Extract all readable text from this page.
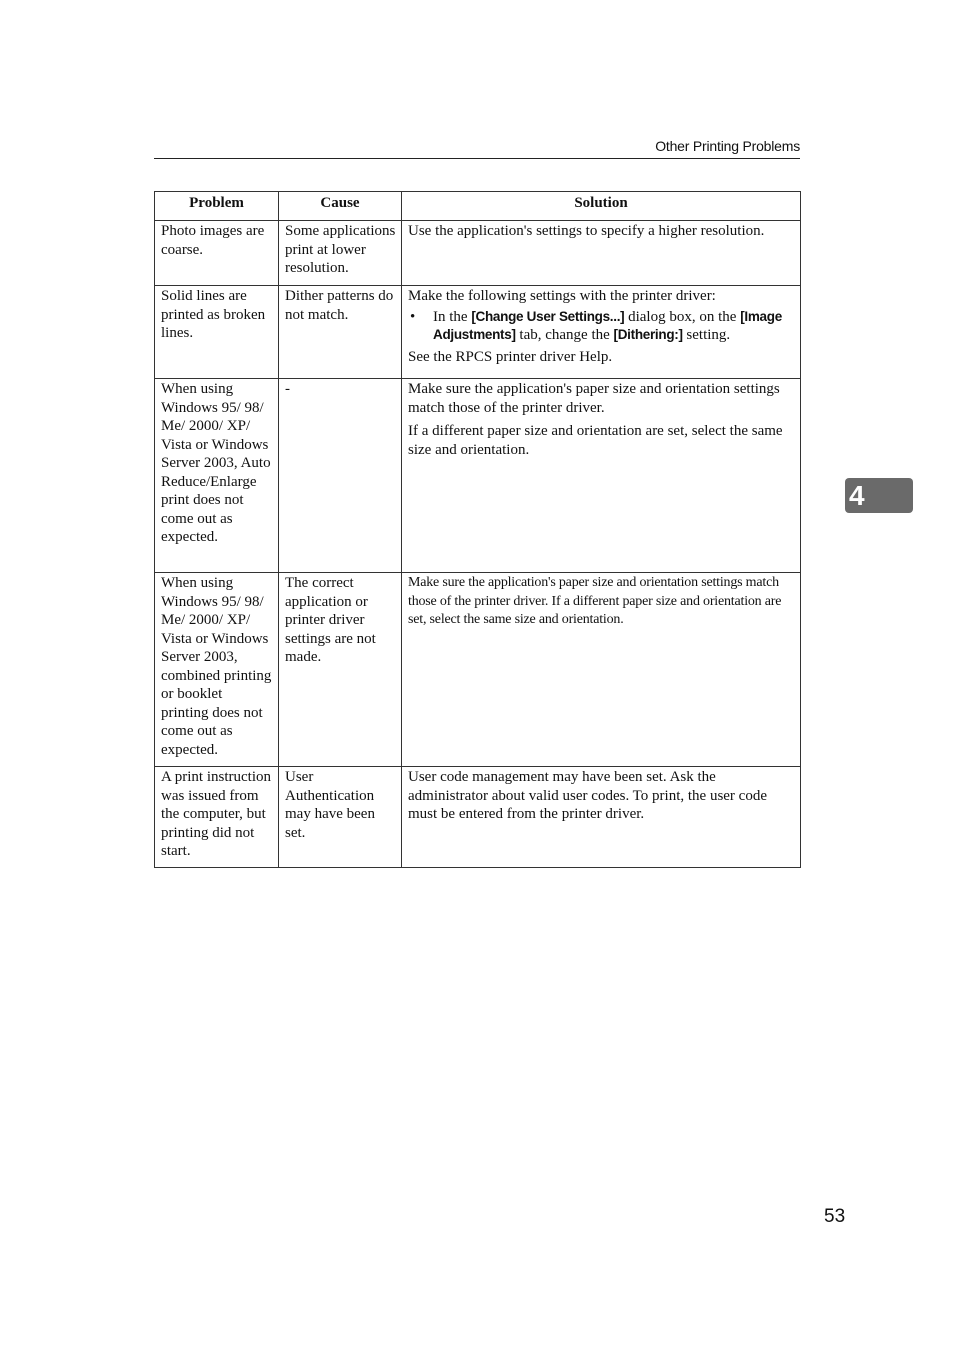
Other Printing Problems
Problem	Cause	Solution
Photo images are coarse.	Some applications print at lower resolution.	Use the application's settings to specify a higher resolution.

Solid lines are printed as broken lines.	Dither patterns do not match.	Make the following settings with the printer driver:
• In the [Change User Settings...] dialog box, on the [Image Adjustments] tab, change the [Dithering:] setting.
See the RPCS printer driver Help.

When using Windows 95/ 98/ Me/ 2000/ XP/ Vista or Windows Server 2003, Auto Reduce/Enlarge print does not come out as expected.	-	Make sure the application's paper size and orientation settings match those of the printer driver.
If a different paper size and orientation are set, select the same size and orientation.

When using Windows 95/ 98/ Me/ 2000/ XP/ Vista or Windows Server 2003, combined printing or booklet printing does not come out as expected.	The correct application or printer driver settings are not made.	Make sure the application's paper size and orientation settings match those of the printer driver. If a different paper size and orientation are set, select the same size and orientation.

A print instruction was issued from the computer, but printing did not start.	User Authentication may have been set.	User code management may have been set. Ask the administrator about valid user codes. To print, the user code must be entered from the printer driver.
4
53
